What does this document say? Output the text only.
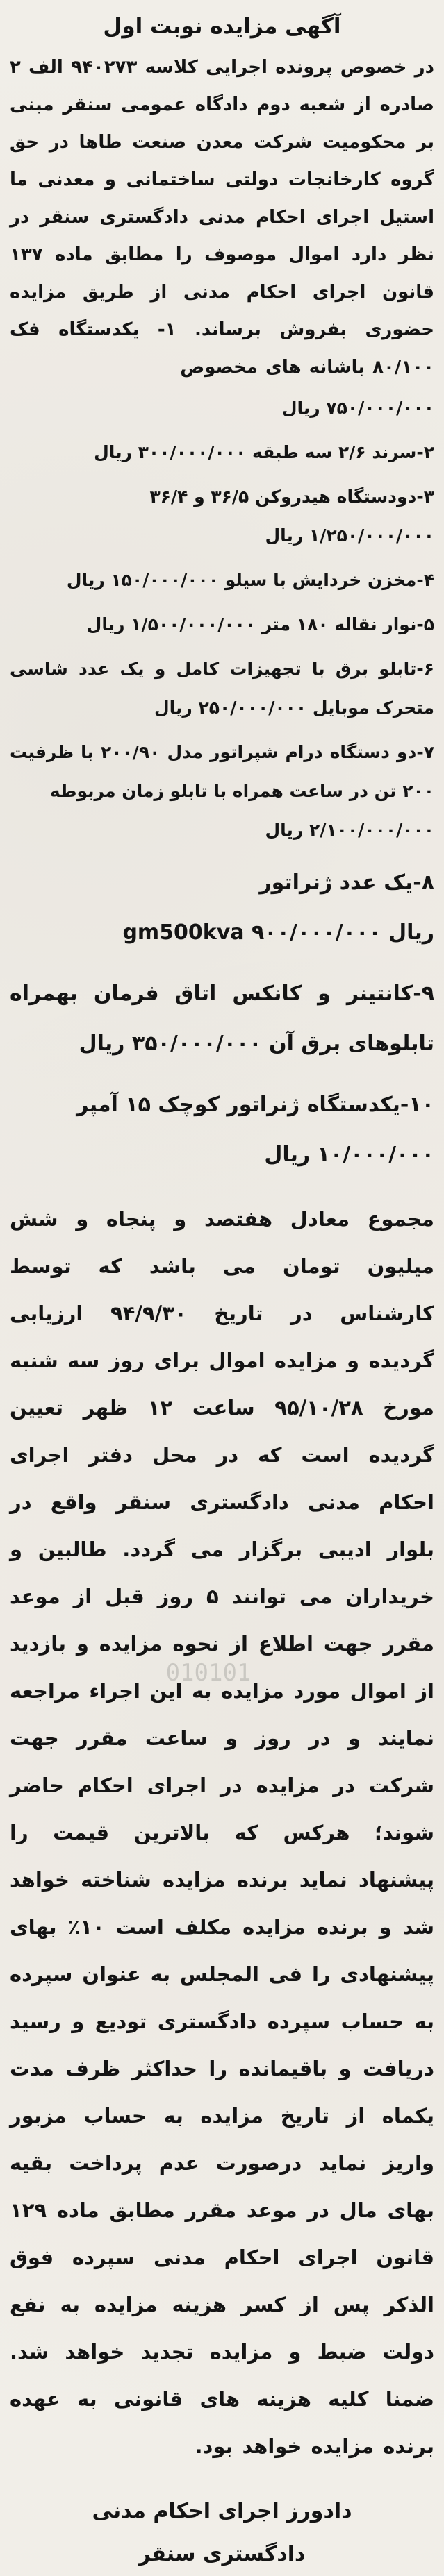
010101
آگهی مزایده نوبت اول

در خصوص پرونده اجرایی کلاسه ۹۴۰۲۷۳ الف ۲ صادره از شعبه دوم دادگاه عمومی سنقر مبنی بر محکومیت شرکت معدن صنعت طاها در حق گروه کارخانجات دولتی ساختمانی و معدنی ما استیل اجرای احکام مدنی دادگستری سنقر در نظر دارد اموال موصوف را مطابق ماده ۱۳۷ قانون اجرای احکام مدنی از طریق مزایده حضوری بفروش برساند. ۱- یکدستگاه فک ۸۰/۱۰۰ باشانه های مخصوص

۷۵۰/۰۰۰/۰۰۰ ریال
۲-سرند ۲/۶ سه طبقه ۳۰۰/۰۰۰/۰۰۰ ریال
۳-دودستگاه هیدروکن ۳۶/۵ و ۳۶/۴
۱/۲۵۰/۰۰۰/۰۰۰ ریال
۴-مخزن خردایش با سیلو ۱۵۰/۰۰۰/۰۰۰ ریال
۵-نوار نقاله ۱۸۰ متر ۱/۵۰۰/۰۰۰/۰۰۰ ریال
۶-تابلو برق با تجهیزات کامل و یک عدد شاسی متحرک موبایل ۲۵۰/۰۰۰/۰۰۰ ریال
۷-دو دستگاه درام شپراتور مدل ۲۰۰/۹۰ با ظرفیت ۲۰۰ تن در ساعت همراه با تابلو زمان مربوطه
۲/۱۰۰/۰۰۰/۰۰۰ ریال
۸-یک عدد ژنراتور
gm500kva ۹۰۰/۰۰۰/۰۰۰ ریال
۹-کانتینر و کانکس اتاق فرمان بهمراه تابلوهای برق آن ۳۵۰/۰۰۰/۰۰۰ ریال
۱۰-یکدستگاه ژنراتور کوچک ۱۵ آمپر
۱۰/۰۰۰/۰۰۰ ریال

مجموع معادل هفتصد و پنجاه و شش میلیون تومان می باشد که توسط کارشناس در تاریخ ۹۴/۹/۳۰ ارزیابی گردیده و مزایده اموال برای روز سه شنبه مورخ ۹۵/۱۰/۲۸ ساعت ۱۲ ظهر تعیین گردیده است که در محل دفتر اجرای احکام مدنی دادگستری سنقر واقع در بلوار ادیبی برگزار می گردد. طالبین و خریداران می توانند ۵ روز قبل از موعد مقرر جهت اطلاع از نحوه مزایده و بازدید از اموال مورد مزایده به این اجراء مراجعه نمایند و در روز و ساعت مقرر جهت شرکت در مزایده در اجرای احکام حاضر شوند؛ هرکس که بالاترین قیمت را پیشنهاد نماید برنده مزایده شناخته خواهد شد و برنده مزایده مکلف است ۱۰٪ بهای پیشنهادی را فی المجلس به عنوان سپرده به حساب سپرده دادگستری تودیع و رسید دریافت و باقیمانده را حداکثر ظرف مدت یکماه از تاریخ مزایده به حساب مزبور واریز نماید درصورت عدم پرداخت بقیه بهای مال در موعد مقرر مطابق ماده ۱۲۹ قانون اجرای احکام مدنی سپرده فوق الذکر پس از کسر هزینه مزایده به نفع دولت ضبط و مزایده تجدید خواهد شد. ضمنا کلیه هزینه های قانونی به عهده برنده مزایده خواهد بود.

دادورز اجرای احکام مدنی
دادگستری سنقر
